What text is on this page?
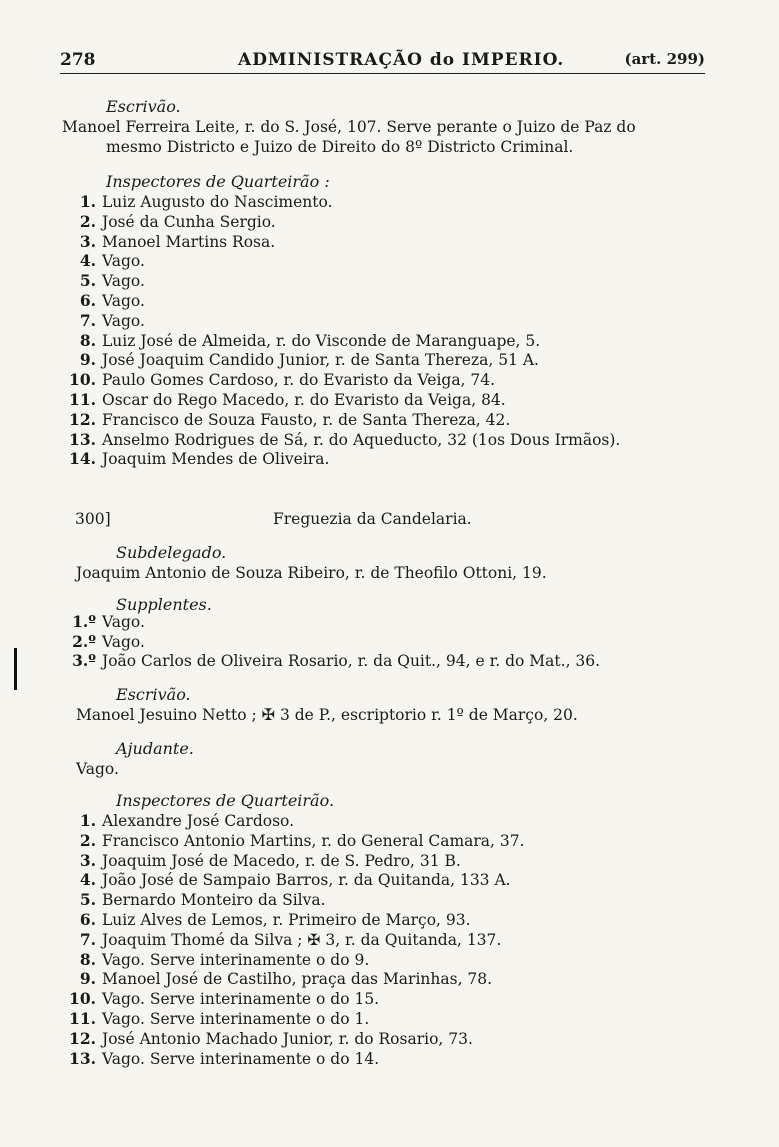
278	ADMINISTRAÇÃO do IMPERIO.	(art. 299)
Escrivão.
Manoel Ferreira Leite, r. do S. José, 107. Serve perante o Juizo de Paz do
mesmo Districto e Juizo de Direito do 8º Districto Criminal.
Inspectores de Quarteirão :
1. Luiz Augusto do Nascimento.
2. José da Cunha Sergio.
3. Manoel Martins Rosa.
4. Vago.
5. Vago.
6. Vago.
7. Vago.
8. Luiz José de Almeida, r. do Visconde de Maranguape, 5.
9. José Joaquim Candido Junior, r. de Santa Thereza, 51 A.
10. Paulo Gomes Cardoso, r. do Evaristo da Veiga, 74.
11. Oscar do Rego Macedo, r. do Evaristo da Veiga, 84.
12. Francisco de Souza Fausto, r. de Santa Thereza, 42.
13. Anselmo Rodrigues de Sá, r. do Aqueducto, 32 (1os Dous Irmãos).
14. Joaquim Mendes de Oliveira.
300]	Freguezia da Candelaria.
Subdelegado.
Joaquim Antonio de Souza Ribeiro, r. de Theofilo Ottoni, 19.
Supplentes.
1.º Vago.
2.º Vago.
3.º João Carlos de Oliveira Rosario, r. da Quit., 94, e r. do Mat., 36.
Escrivão.
Manoel Jesuino Netto ; ✠ 3 de P., escriptorio r. 1º de Março, 20.
Ajudante.
Vago.
Inspectores de Quarteirão.
1. Alexandre José Cardoso.
2. Francisco Antonio Martins, r. do General Camara, 37.
3. Joaquim José de Macedo, r. de S. Pedro, 31 B.
4. João José de Sampaio Barros, r. da Quitanda, 133 A.
5. Bernardo Monteiro da Silva.
6. Luiz Alves de Lemos, r. Primeiro de Março, 93.
7. Joaquim Thomé da Silva ; ✠ 3, r. da Quitanda, 137.
8. Vago. Serve interinamente o do 9.
9. Manoel José de Castilho, praça das Marinhas, 78.
10. Vago. Serve interinamente o do 15.
11. Vago. Serve interinamente o do 1.
12. José Antonio Machado Junior, r. do Rosario, 73.
13. Vago. Serve interinamente o do 14.
